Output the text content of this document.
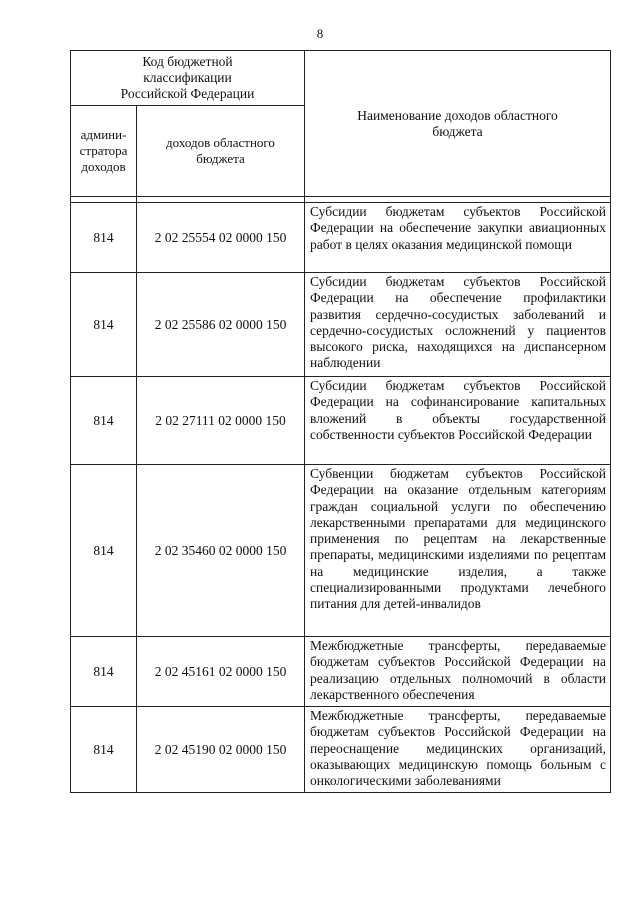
8
Код бюджетной классификации Российской Федерации		Наименование доходов областного бюджета

админи-стратора доходов	доходов областного бюджета	

814	2 02 25554 02 0000 150	Субсидии бюджетам субъектов Российской Федерации на обеспечение закупки авиационных работ в целях оказания медицинской помощи
814	2 02 25586 02 0000 150	Субсидии бюджетам субъектов Российской Федерации на обеспечение профилактики развития сердечно-сосудистых заболеваний и сердечно-сосудистых осложнений у пациентов высокого риска, находящихся на диспансерном наблюдении
814	2 02 27111 02 0000 150	Субсидии бюджетам субъектов Российской Федерации на софинансирование капитальных вложений в объекты государственной собственности субъектов Российской Федерации
814	2 02 35460 02 0000 150	Субвенции бюджетам субъектов Российской Федерации на оказание отдельным категориям граждан социальной услуги по обеспечению лекарственными препаратами для медицинского применения по рецептам на лекарственные препараты, медицинскими изделиями по рецептам на медицинские изделия, а также специализированными продуктами лечебного питания для детей-инвалидов
814	2 02 45161 02 0000 150	Межбюджетные трансферты, передаваемые бюджетам субъектов Российской Федерации на реализацию отдельных полномочий в области лекарственного обеспечения
814	2 02 45190 02 0000 150	Межбюджетные трансферты, передаваемые бюджетам субъектов Российской Федерации на переоснащение медицинских организаций, оказывающих медицинскую помощь больным с онкологическими заболеваниями
